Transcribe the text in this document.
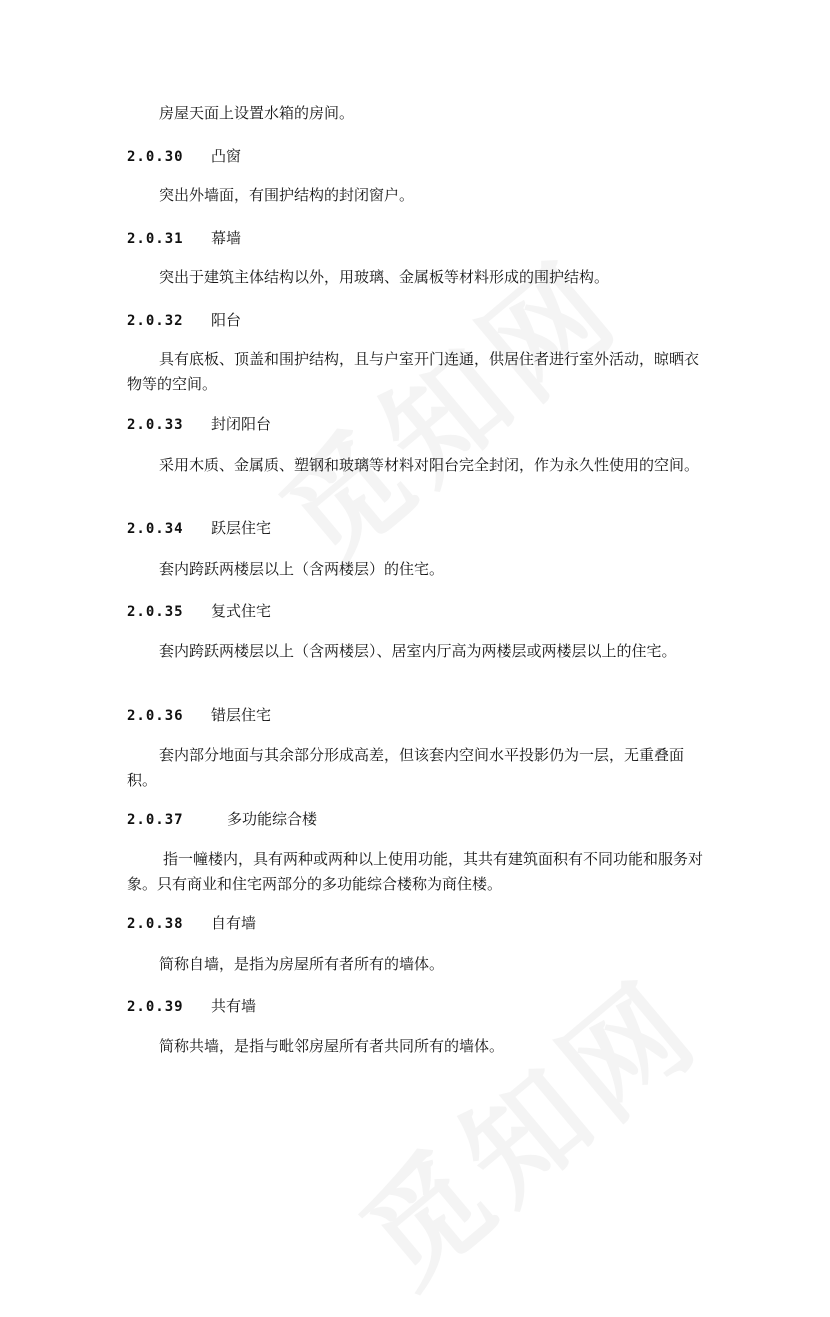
房屋天面上设置水箱的房间。
2.0.30 凸窗
突出外墙面，有围护结构的封闭窗户。
2.0.31 幕墙
突出于建筑主体结构以外，用玻璃、金属板等材料形成的围护结构。
2.0.32 阳台
具有底板、顶盖和围护结构，且与户室开门连通，供居住者进行室外活动，晾晒衣物等的空间。
2.0.33 封闭阳台
采用木质、金属质、塑钢和玻璃等材料对阳台完全封闭，作为永久性使用的空间。
2.0.34 跃层住宅
套内跨跃两楼层以上（含两楼层）的住宅。
2.0.35 复式住宅
套内跨跃两楼层以上（含两楼层）、居室内厅高为两楼层或两楼层以上的住宅。
2.0.36 错层住宅
套内部分地面与其余部分形成高差，但该套内空间水平投影仍为一层，无重叠面积。
2.0.37	多功能综合楼
指一幢楼内，具有两种或两种以上使用功能，其共有建筑面积有不同功能和服务对象。只有商业和住宅两部分的多功能综合楼称为商住楼。
2.0.38 自有墙
简称自墙，是指为房屋所有者所有的墙体。
2.0.39 共有墙
简称共墙，是指与毗邻房屋所有者共同所有的墙体。
